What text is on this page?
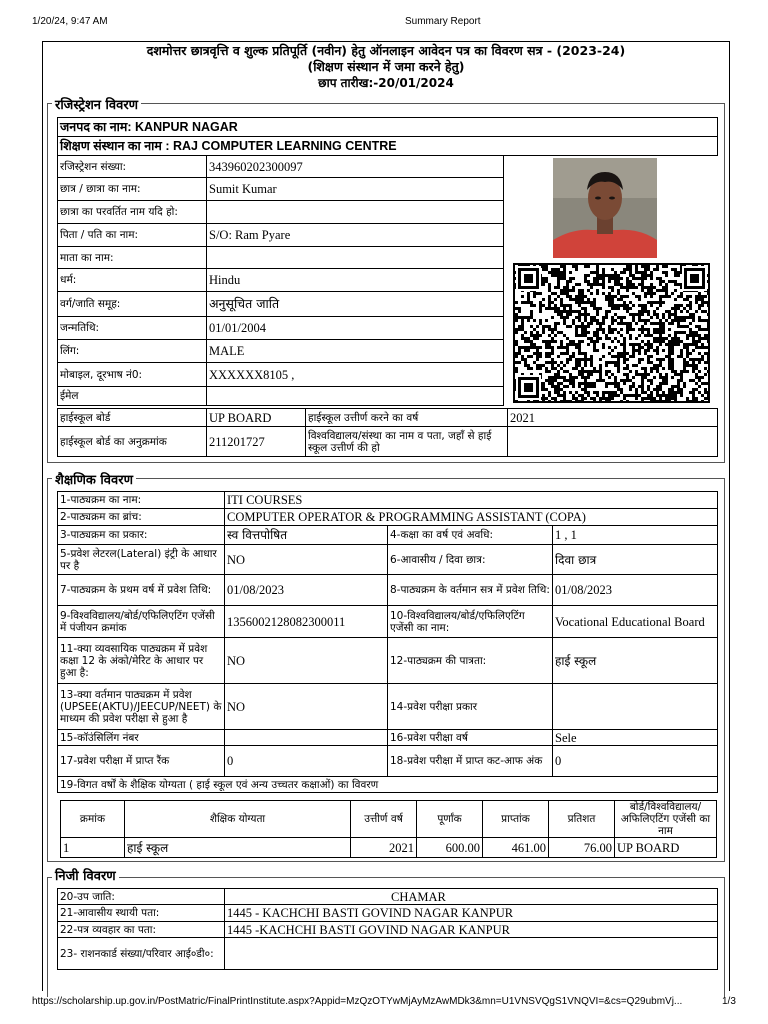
1/20/24, 9:47 AM	Summary Report
दशमोत्तर छात्रवृत्ति व शुल्क प्रतिपूर्ति (नवीन) हेतु ऑनलाइन आवेदन पत्र का विवरण सत्र - (2023-24)
(शिक्षण संस्थान में जमा करने हेतु)
छाप तारीख:-20/01/2024
रजिस्ट्रेशन विवरण
जनपद का नाम: KANPUR NAGAR
शिक्षण संस्थान का नाम : RAJ COMPUTER LEARNING CENTRE
रजिस्ट्रेशन संख्या:	343960202300097
छात्र / छात्रा का नाम:	Sumit Kumar
छात्रा का परवर्तित नाम यदि हो:	
पिता / पति का नाम:	S/O: Ram Pyare
माता का नाम:	
धर्म:	Hindu
वर्ग/जाति समूह:	अनुसूचित जाति
जन्मतिथि:	01/01/2004
लिंग:	MALE
मोबाइल, दूरभाष नं0:	XXXXXX8105 ,
ईमेल	
हाईस्कूल बोर्ड	UP BOARD	हाईस्कूल उत्तीर्ण करने का वर्ष	2021
हाईस्कूल बोर्ड का अनुक्रमांक	211201727	विश्वविद्यालय/संस्था का नाम व पता, जहाँ से हाई स्कूल उत्तीर्ण की हो	
शैक्षणिक विवरण
1-पाठ्यक्रम का नाम:	ITI COURSES		
2-पाठ्यक्रम का ब्रांच:	COMPUTER OPERATOR & PROGRAMMING ASSISTANT (COPA)		
3-पाठ्यक्रम का प्रकार:	स्व वित्तपोषित	4-कक्षा का वर्ष एवं अवधि:	1 , 1
5-प्रवेश लेटरल(Lateral) इंट्री के आधार पर है	NO	6-आवासीय / दिवा छात्र:	दिवा छात्र
7-पाठ्यक्रम के प्रथम वर्ष में प्रवेश तिथि:	01/08/2023	8-पाठ्यक्रम के वर्तमान सत्र में प्रवेश तिथि:	01/08/2023
9-विश्वविद्यालय/बोर्ड/एफिलिएटिंग एजेंसी में पंजीयन क्रमांक	1356002128082300011	10-विश्वविद्यालय/बोर्ड/एफिलिएटिंग एजेंसी का नाम:	Vocational Educational Board
11-क्या व्यवसायिक पाठ्यक्रम में प्रवेश कक्षा 12 के अंको/मेरिट के आधार पर हुआ है:	NO	12-पाठ्यक्रम की पात्रता:	हाई स्कूल
13-क्या वर्तमान पाठ्यक्रम में प्रवेश (UPSEE(AKTU)/JEECUP/NEET) के माध्यम की प्रवेश परीक्षा से हुआ है	NO	14-प्रवेश परीक्षा प्रकार	
15-कॉउंसिलिंग नंबर		16-प्रवेश परीक्षा वर्ष	Sele
17-प्रवेश परीक्षा में प्राप्त रैंक	0	18-प्रवेश परीक्षा में प्राप्त कट-आफ अंक	0
19-विगत वर्षों के शैक्षिक योग्यता ( हाई स्कूल एवं अन्य उच्चतर कक्षाओं) का विवरण			
क्रमांक	शैक्षिक योग्यता	उत्तीर्ण वर्ष	पूर्णांक	प्राप्तांक	प्रतिशत	बोर्ड/विश्वविद्यालय/अफिलिएटिंग एजेंसी का नाम
1	हाई स्कूल	2021	600.00	461.00	76.00	UP BOARD
निजी विवरण
20-उप जाति:	CHAMAR
21-आवासीय स्थायी पता:	1445 - KACHCHI BASTI GOVIND NAGAR KANPUR
22-पत्र व्यवहार का पता:	1445 -KACHCHI BASTI GOVIND NAGAR KANPUR
23- राशनकार्ड संख्या/परिवार आई०डी०:	
https://scholarship.up.gov.in/PostMatric/FinalPrintInstitute.aspx?Appid=MzQzOTYwMjAyMzAwMDk3&mn=U1VNSVQgS1VNQVI=&cs=Q29ubmVj...	1/3
